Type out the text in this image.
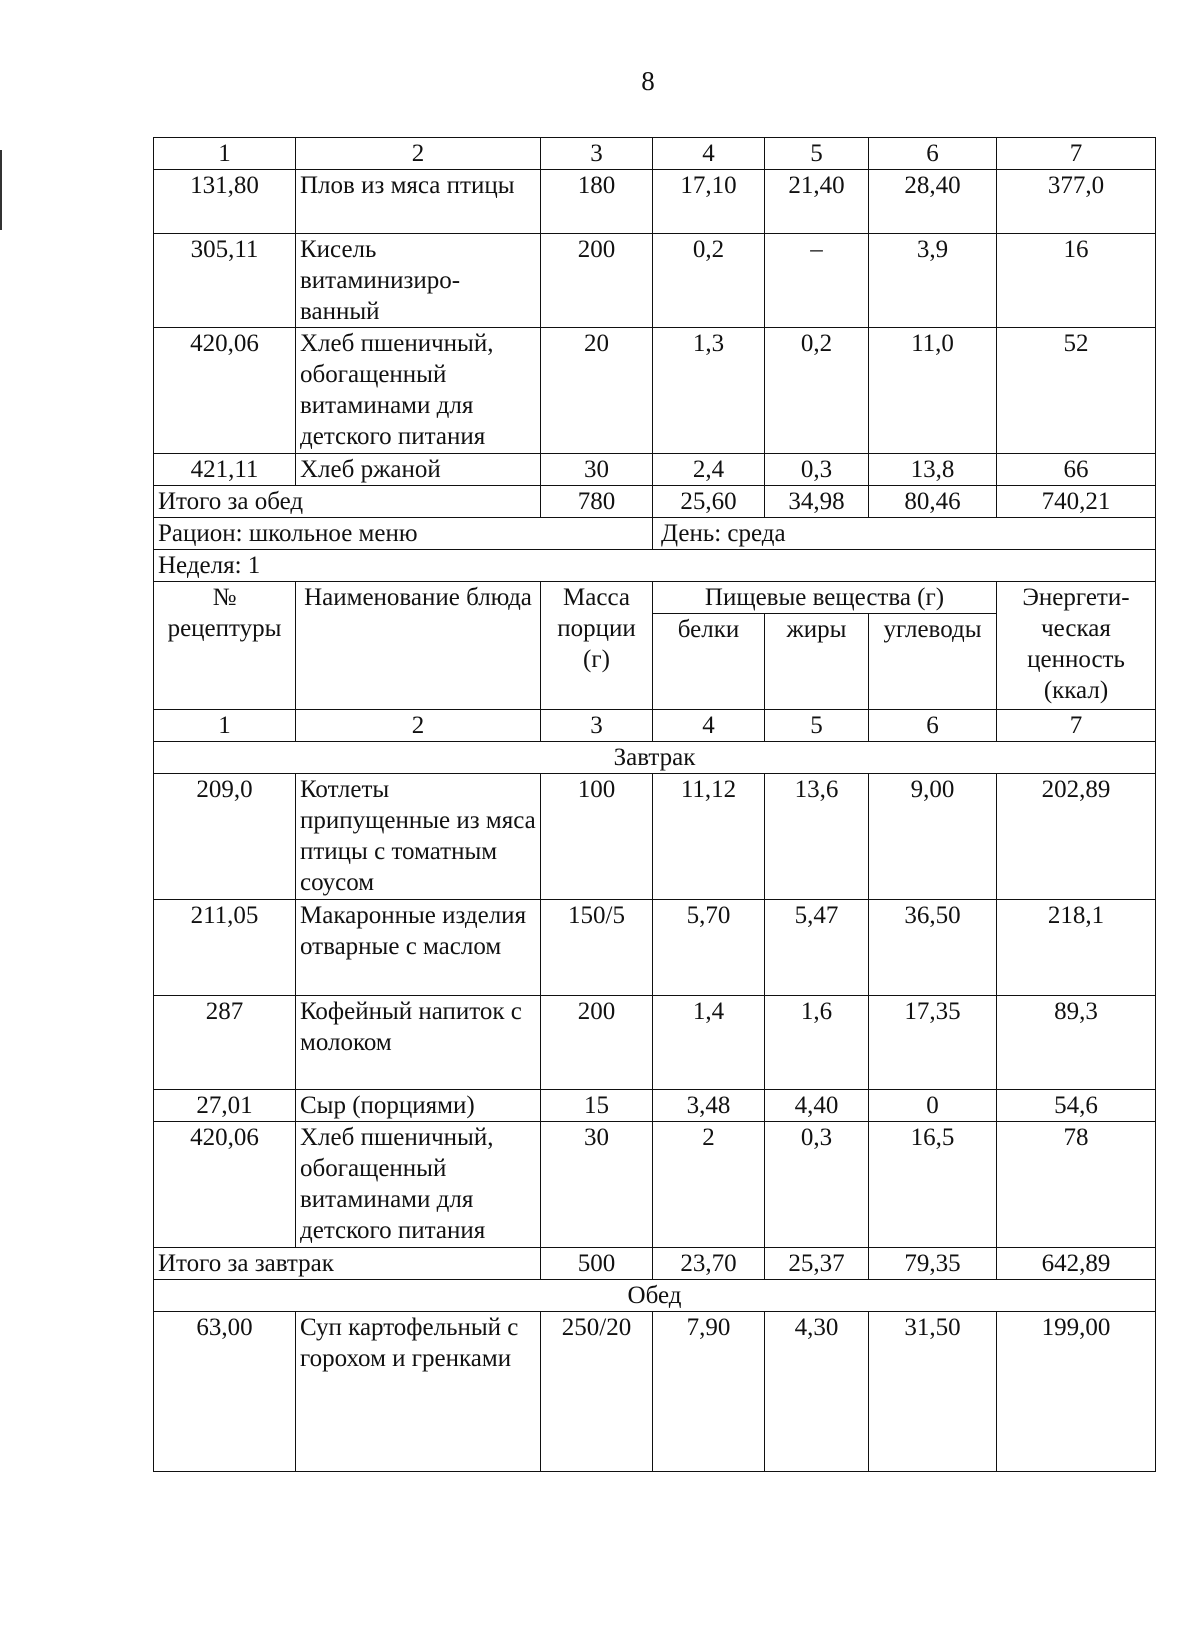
8
1	2	3	4	5	6	7
131,80	Плов из мяса птицы	180	17,10	21,40	28,40	377,0
305,11	Кисель витаминизиро-ванный	200	0,2	–	3,9	16
420,06	Хлеб пшеничный, обогащенный витаминами для детского питания	20	1,3	0,2	11,0	52
421,11	Хлеб ржаной	30	2,4	0,3	13,8	66
Итого за обед		780	25,60	34,98	80,46	740,21
Рацион: школьное меню			День: среда			
Неделя: 1						
№ рецептуры	Наименование блюда	Масса порции (г)	Пищевые вещества (г)			Энергети-ческая ценность (ккал)
			белки	жиры	углеводы	
1	2	3	4	5	6	7
Завтрак						
209,0	Котлеты припущенные из мяса птицы с томатным соусом	100	11,12	13,6	9,00	202,89
211,05	Макаронные изделия отварные с маслом	150/5	5,70	5,47	36,50	218,1
287	Кофейный напиток с молоком	200	1,4	1,6	17,35	89,3
27,01	Сыр (порциями)	15	3,48	4,40	0	54,6
420,06	Хлеб пшеничный, обогащенный витаминами для детского питания	30	2	0,3	16,5	78
Итого за завтрак		500	23,70	25,37	79,35	642,89
Обед						
63,00	Суп картофельный с горохом и гренками	250/20	7,90	4,30	31,50	199,00
